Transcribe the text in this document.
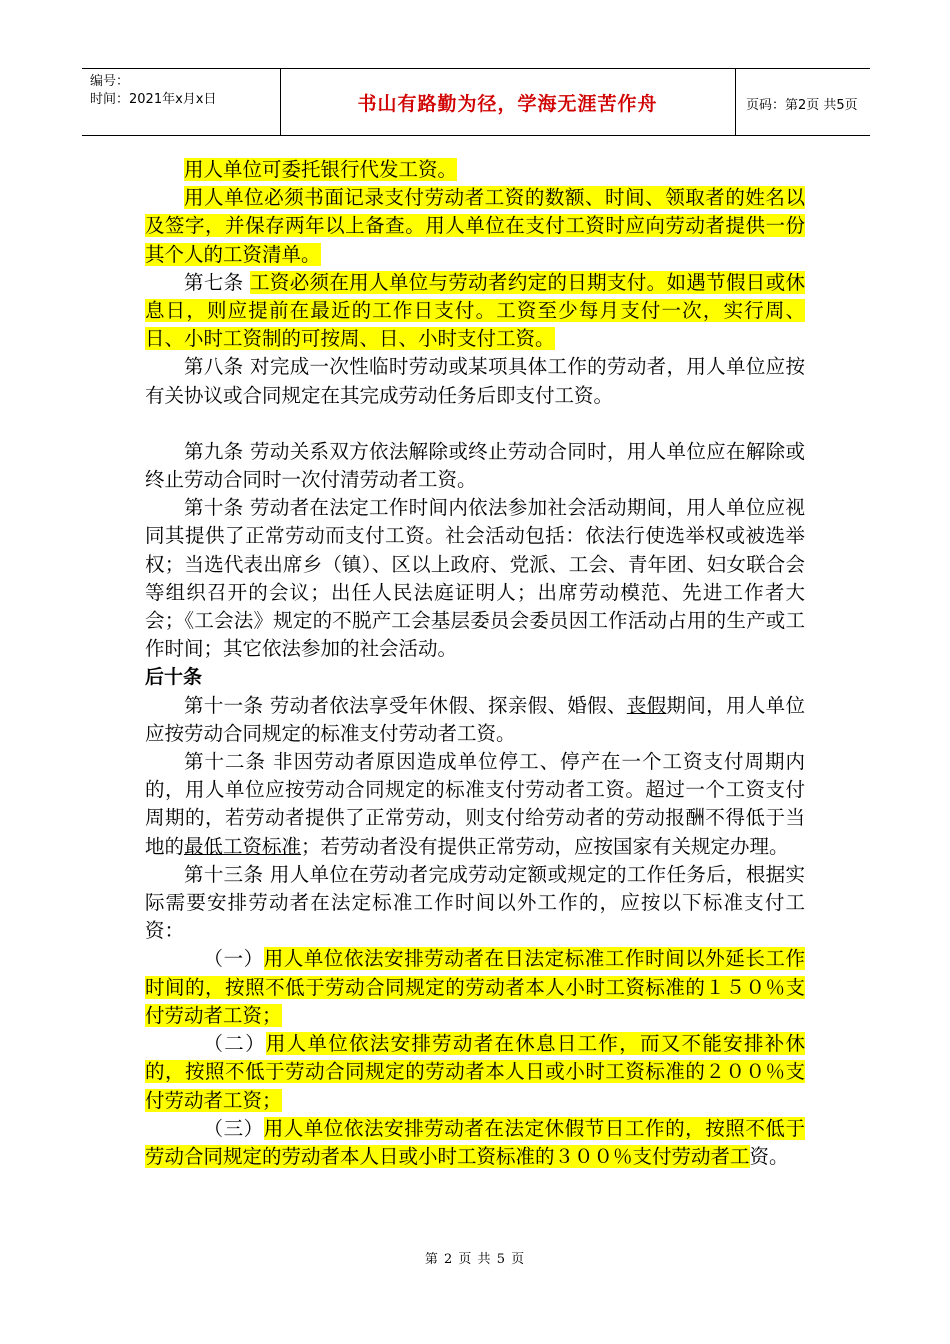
编号：
时间：2021年x月x日	书山有路勤为径，学海无涯苦作舟	页码：第2页 共5页

用人单位可委托银行代发工资。

用人单位必须书面记录支付劳动者工资的数额、时间、领取者的姓名以及签字，并保存两年以上备查。用人单位在支付工资时应向劳动者提供一份其个人的工资清单。

第七条 工资必须在用人单位与劳动者约定的日期支付。如遇节假日或休息日，则应提前在最近的工作日支付。工资至少每月支付一次，实行周、日、小时工资制的可按周、日、小时支付工资。

第八条 对完成一次性临时劳动或某项具体工作的劳动者，用人单位应按有关协议或合同规定在其完成劳动任务后即支付工资。

第九条 劳动关系双方依法解除或终止劳动合同时，用人单位应在解除或终止劳动合同时一次付清劳动者工资。

第十条 劳动者在法定工作时间内依法参加社会活动期间，用人单位应视同其提供了正常劳动而支付工资。社会活动包括：依法行使选举权或被选举权；当选代表出席乡（镇）、区以上政府、党派、工会、青年团、妇女联合会等组织召开的会议；出任人民法庭证明人；出席劳动模范、先进工作者大会；《工会法》规定的不脱产工会基层委员会委员因工作活动占用的生产或工作时间；其它依法参加的社会活动。

后十条

第十一条 劳动者依法享受年休假、探亲假、婚假、丧假期间，用人单位应按劳动合同规定的标准支付劳动者工资。

第十二条 非因劳动者原因造成单位停工、停产在一个工资支付周期内的，用人单位应按劳动合同规定的标准支付劳动者工资。超过一个工资支付周期的，若劳动者提供了正常劳动，则支付给劳动者的劳动报酬不得低于当地的最低工资标准；若劳动者没有提供正常劳动，应按国家有关规定办理。

第十三条 用人单位在劳动者完成劳动定额或规定的工作任务后，根据实际需要安排劳动者在法定标准工作时间以外工作的，应按以下标准支付工资：

（一）用人单位依法安排劳动者在日法定标准工作时间以外延长工作时间的，按照不低于劳动合同规定的劳动者本人小时工资标准的１５０％支付劳动者工资；

（二）用人单位依法安排劳动者在休息日工作，而又不能安排补休的，按照不低于劳动合同规定的劳动者本人日或小时工资标准的２００％支付劳动者工资；

（三）用人单位依法安排劳动者在法定休假节日工作的，按照不低于劳动合同规定的劳动者本人日或小时工资标准的３００％支付劳动者工资。

第 2 页 共 5 页
